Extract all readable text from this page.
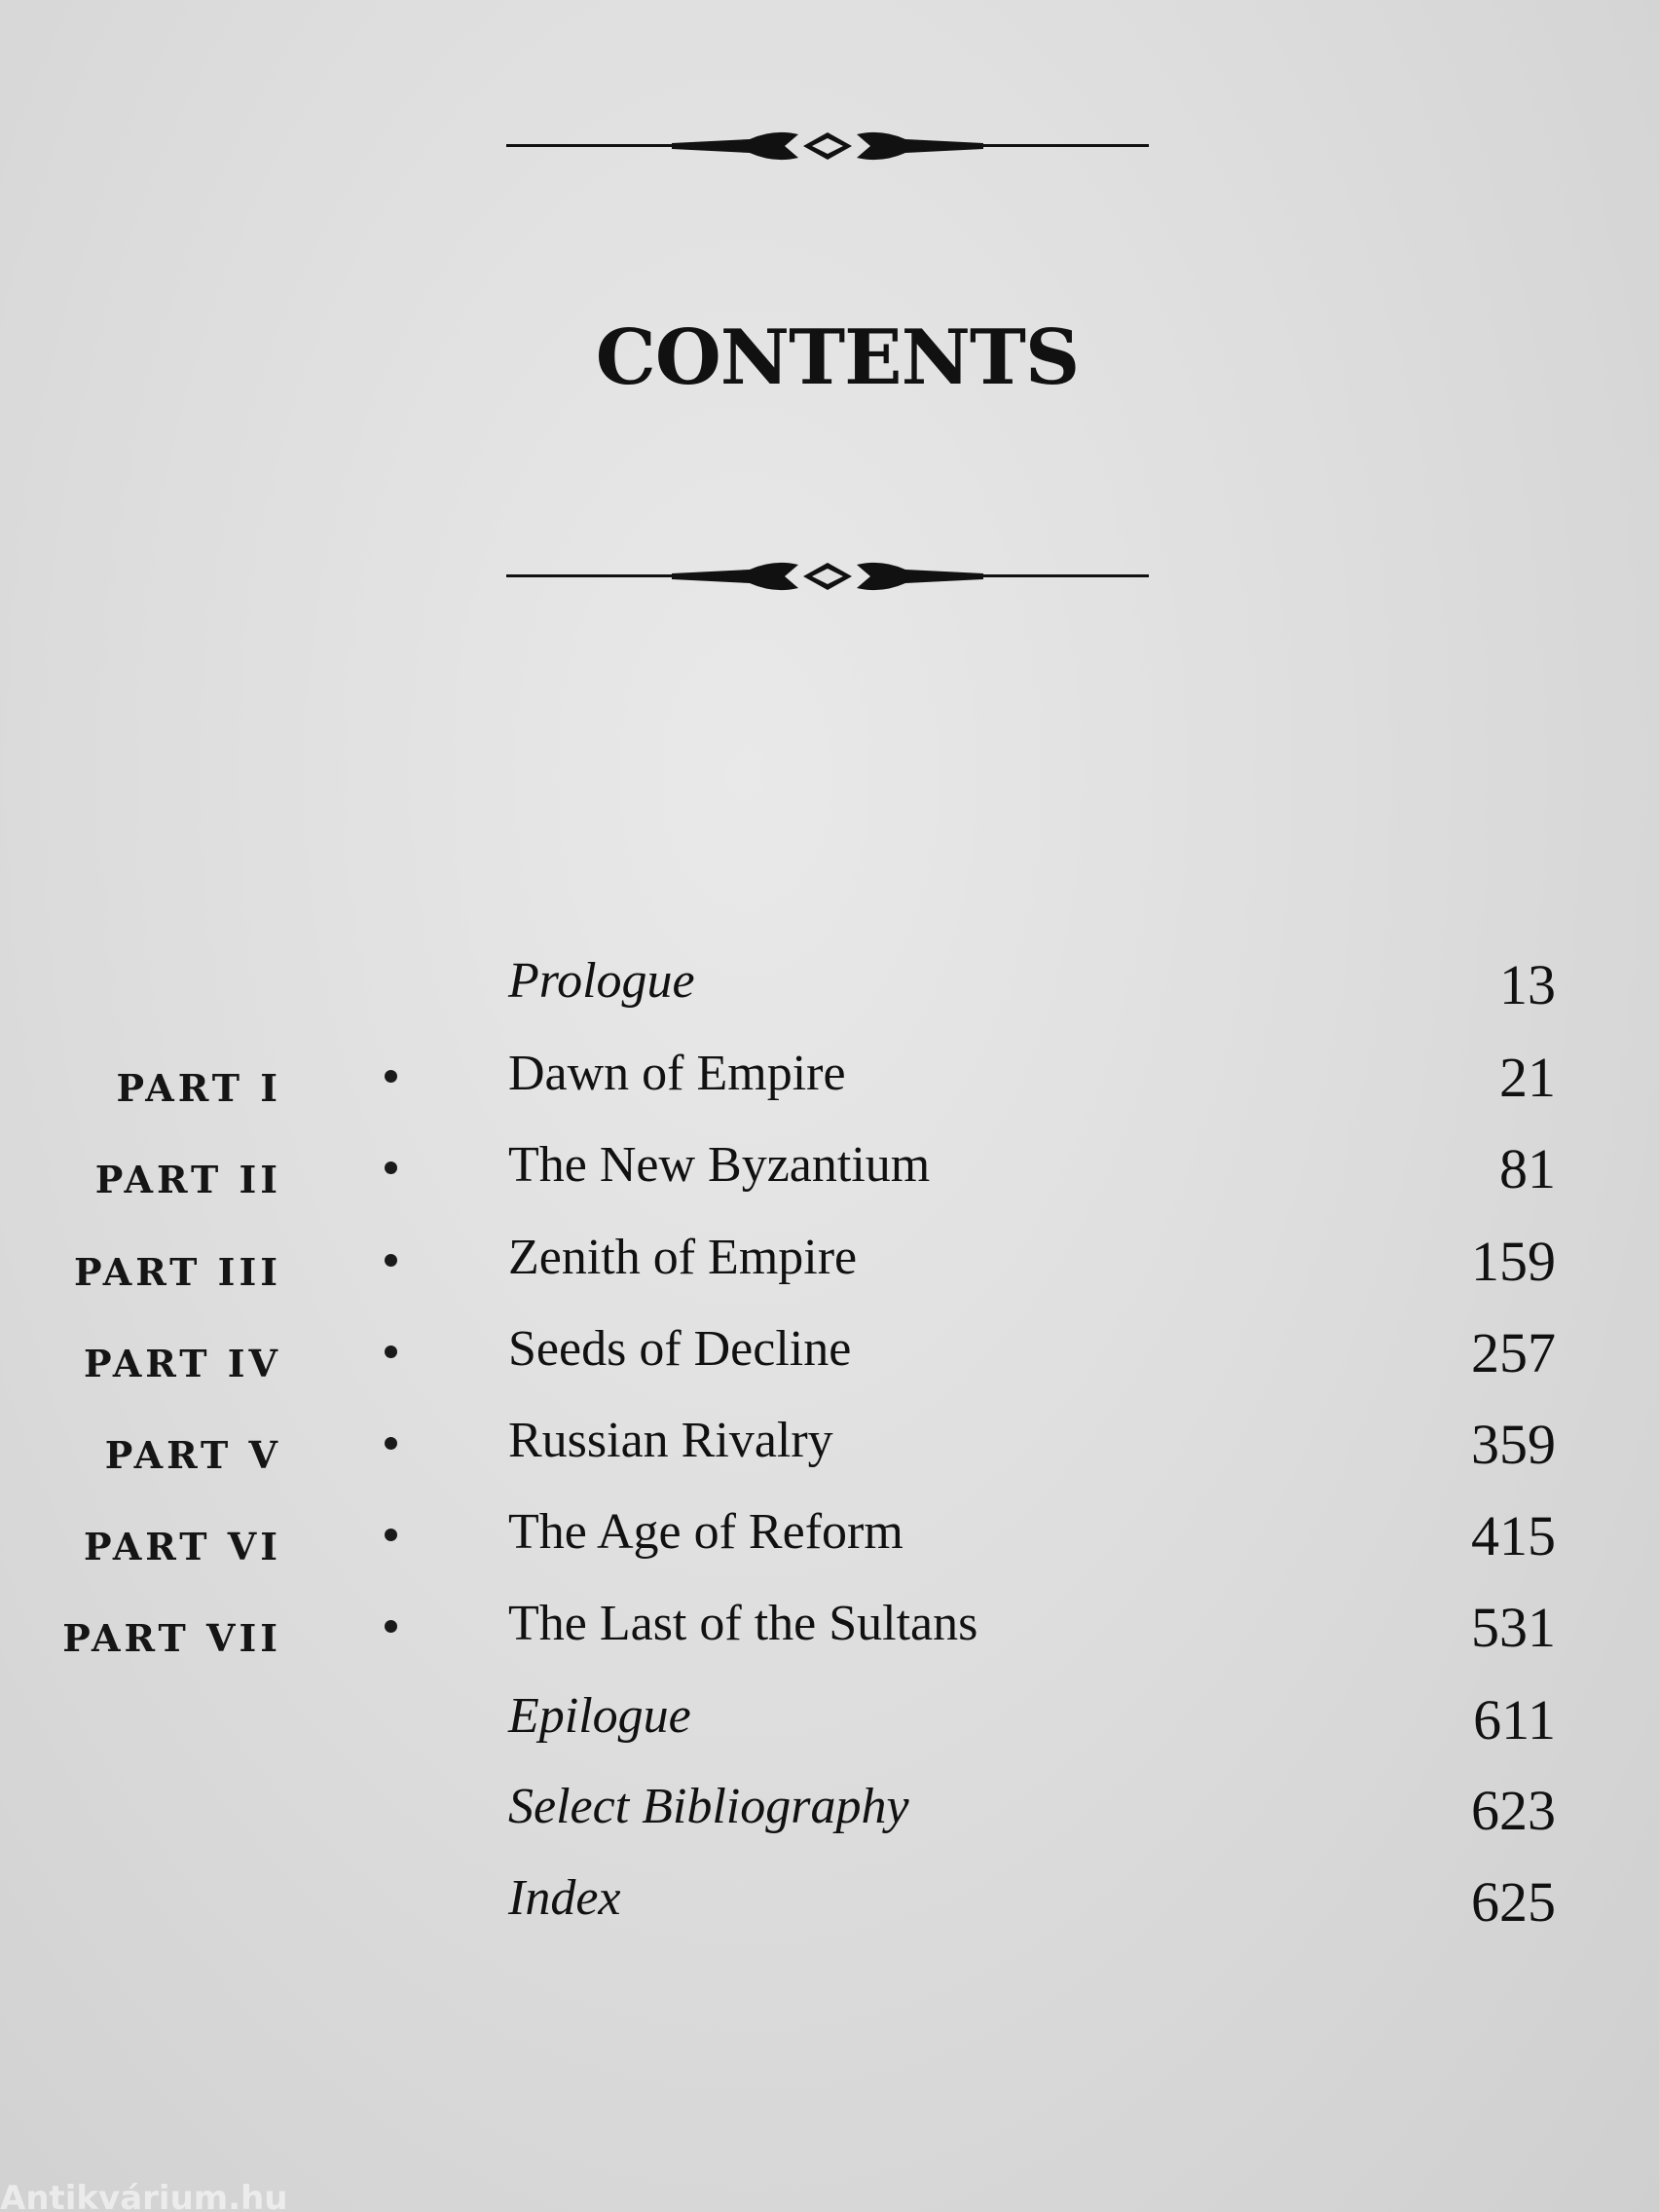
CONTENTS
Prologue	13
PART I	Dawn of Empire	21
PART II	The New Byzantium	81
PART III	Zenith of Empire	159
PART IV	Seeds of Decline	257
PART V	Russian Rivalry	359
PART VI	The Age of Reform	415
PART VII	The Last of the Sultans	531
Epilogue	611
Select Bibliography	623
Index	625
Antikvárium.hu
